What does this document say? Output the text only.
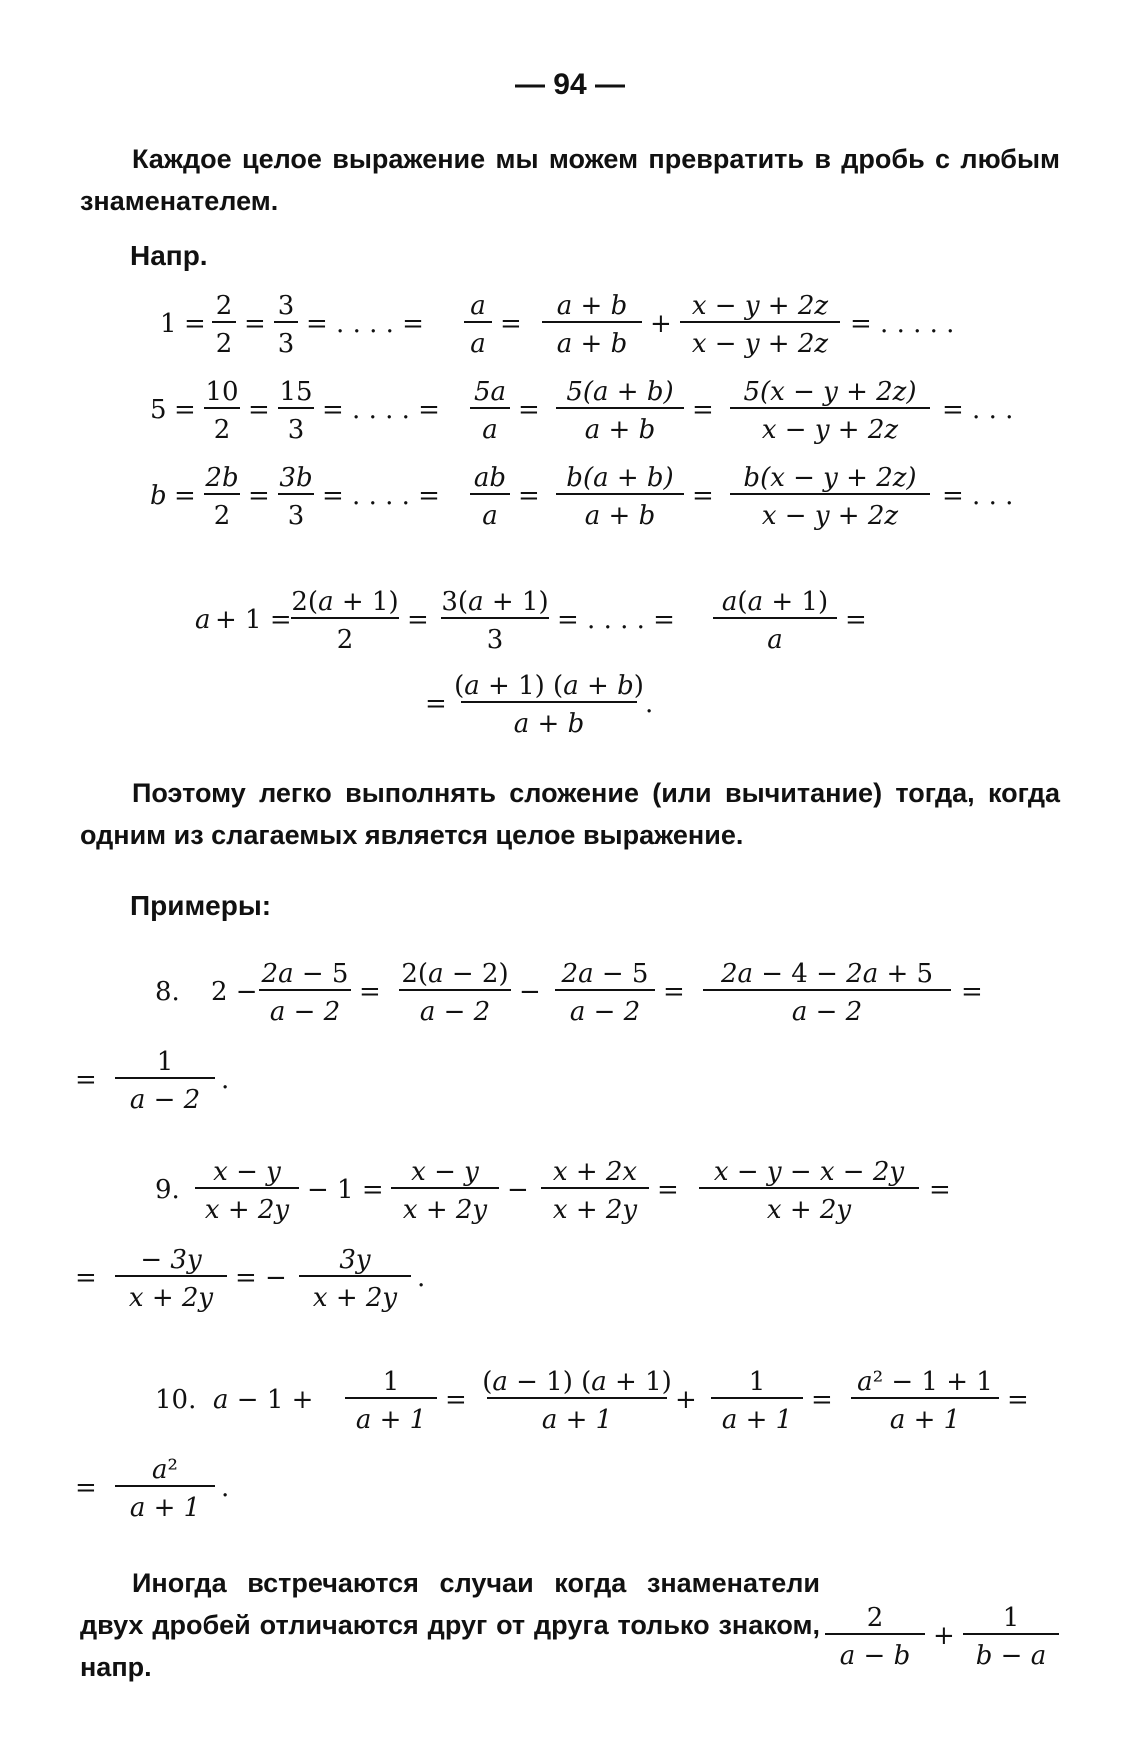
— 94 —

Каждое целое выражение мы можем превратить в дробь с любым знаменателем.

Напр.
1 =
2
2
=
3
3
= . . . . =
a
a
=
a + b
a + b
+
x − y + 2z
x − y + 2z
= . . . . .
5 =
10
2
=
15
3
= . . . . =
5a
a
=
5(a + b)
a + b
=
5(x − y + 2z)
x − y + 2z
= . . .
b =
2b
2
=
3b
3
= . . . . =
ab
a
=
b(a + b)
a + b
=
b(x − y + 2z)
x − y + 2z
= . . .
a + 1 =
2(a + 1)
2
=
3(a + 1)
3
= . . . . =
a(a + 1)
a
=
=
(a + 1) (a + b)
a + b
.

Поэтому легко выполнять сложение (или вычитание) тогда, когда одним из слагаемых является целое выражение.

Примеры:
8. 2 −
2a − 5
a − 2
=
2(a − 2)
a − 2
−
2a − 5
a − 2
=
2a − 4 − 2a + 5
a − 2
=
=
1
a − 2
.
9.
x − y
x + 2y
− 1 =
x − y
x + 2y
−
x + 2x
x + 2y
=
x − y − x − 2y
x + 2y
=
=
− 3y
x + 2y
= −
3y
x + 2y
.
10. a − 1 +
1
a + 1
=
(a − 1) (a + 1)
a + 1
+
1
a + 1
=
a² − 1 + 1
a + 1
=
=
a²
a + 1
.

Иногда встречаются случаи когда знаменатели двух дробей отличаются друг от друга только знаком, напр.

2
a − b
+
1
b − a
